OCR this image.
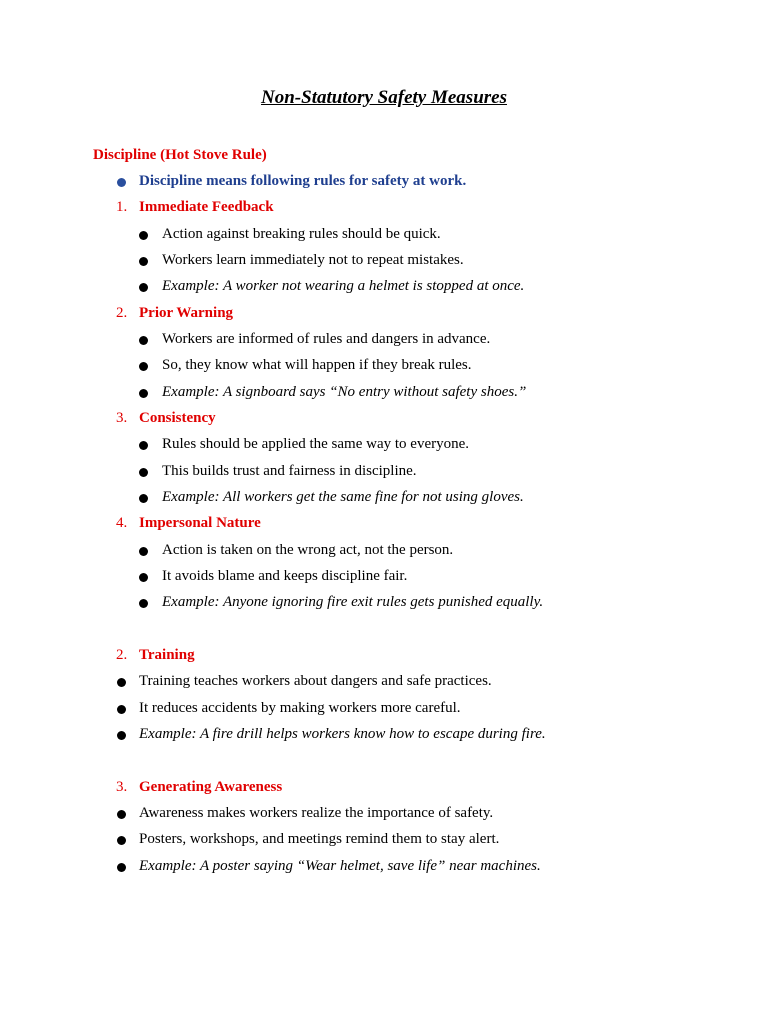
Non-Statutory Safety Measures
Discipline (Hot Stove Rule)
Discipline means following rules for safety at work.
1. Immediate Feedback
Action against breaking rules should be quick.
Workers learn immediately not to repeat mistakes.
Example: A worker not wearing a helmet is stopped at once.
2. Prior Warning
Workers are informed of rules and dangers in advance.
So, they know what will happen if they break rules.
Example: A signboard says “No entry without safety shoes.”
3. Consistency
Rules should be applied the same way to everyone.
This builds trust and fairness in discipline.
Example: All workers get the same fine for not using gloves.
4. Impersonal Nature
Action is taken on the wrong act, not the person.
It avoids blame and keeps discipline fair.
Example: Anyone ignoring fire exit rules gets punished equally.
2. Training
Training teaches workers about dangers and safe practices.
It reduces accidents by making workers more careful.
Example: A fire drill helps workers know how to escape during fire.
3. Generating Awareness
Awareness makes workers realize the importance of safety.
Posters, workshops, and meetings remind them to stay alert.
Example: A poster saying “Wear helmet, save life” near machines.
